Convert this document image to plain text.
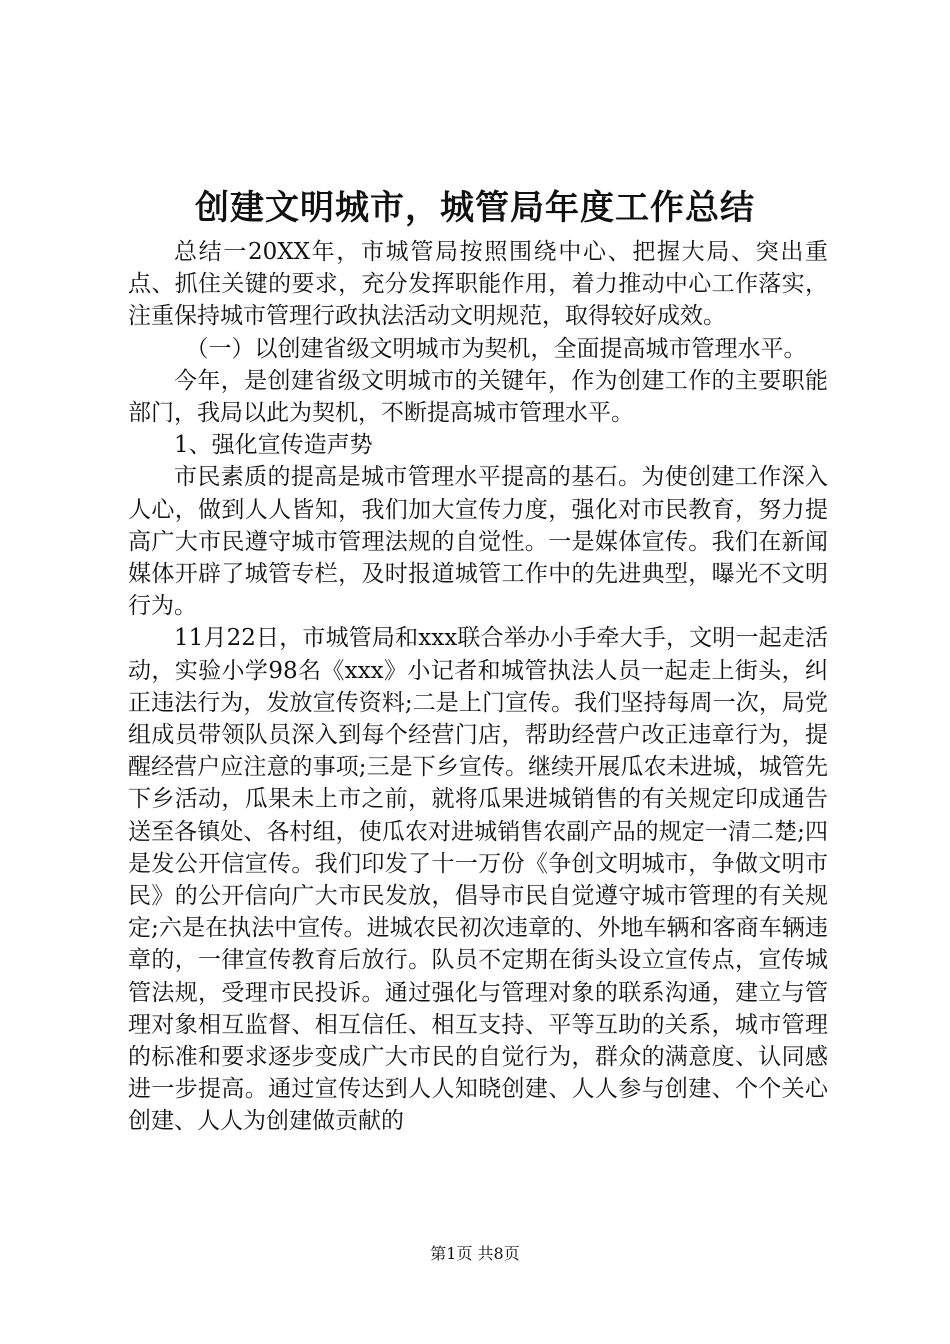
创建文明城市，城管局年度工作总结

总结一20XX年，市城管局按照围绕中心、把握大局、突出重点、抓住关键的要求，充分发挥职能作用，着力推动中心工作落实，注重保持城市管理行政执法活动文明规范，取得较好成效。

（一）以创建省级文明城市为契机，全面提高城市管理水平。

今年，是创建省级文明城市的关键年，作为创建工作的主要职能部门，我局以此为契机，不断提高城市管理水平。

1、强化宣传造声势

市民素质的提高是城市管理水平提高的基石。为使创建工作深入人心，做到人人皆知，我们加大宣传力度，强化对市民教育，努力提高广大市民遵守城市管理法规的自觉性。一是媒体宣传。我们在新闻媒体开辟了城管专栏，及时报道城管工作中的先进典型，曝光不文明行为。

11月22日，市城管局和xxx联合举办小手牵大手，文明一起走活动，实验小学98名《xxx》小记者和城管执法人员一起走上街头，纠正违法行为，发放宣传资料;二是上门宣传。我们坚持每周一次，局党组成员带领队员深入到每个经营门店，帮助经营户改正违章行为，提醒经营户应注意的事项;三是下乡宣传。继续开展瓜农未进城，城管先下乡活动，瓜果未上市之前，就将瓜果进城销售的有关规定印成通告送至各镇处、各村组，使瓜农对进城销售农副产品的规定一清二楚;四是发公开信宣传。我们印发了十一万份《争创文明城市，争做文明市民》的公开信向广大市民发放，倡导市民自觉遵守城市管理的有关规定;六是在执法中宣传。进城农民初次违章的、外地车辆和客商车辆违章的，一律宣传教育后放行。队员不定期在街头设立宣传点，宣传城管法规，受理市民投诉。通过强化与管理对象的联系沟通，建立与管理对象相互监督、相互信任、相互支持、平等互助的关系，城市管理的标准和要求逐步变成广大市民的自觉行为，群众的满意度、认同感进一步提高。通过宣传达到人人知晓创建、人人参与创建、个个关心创建、人人为创建做贡献的

第1页 共8页
